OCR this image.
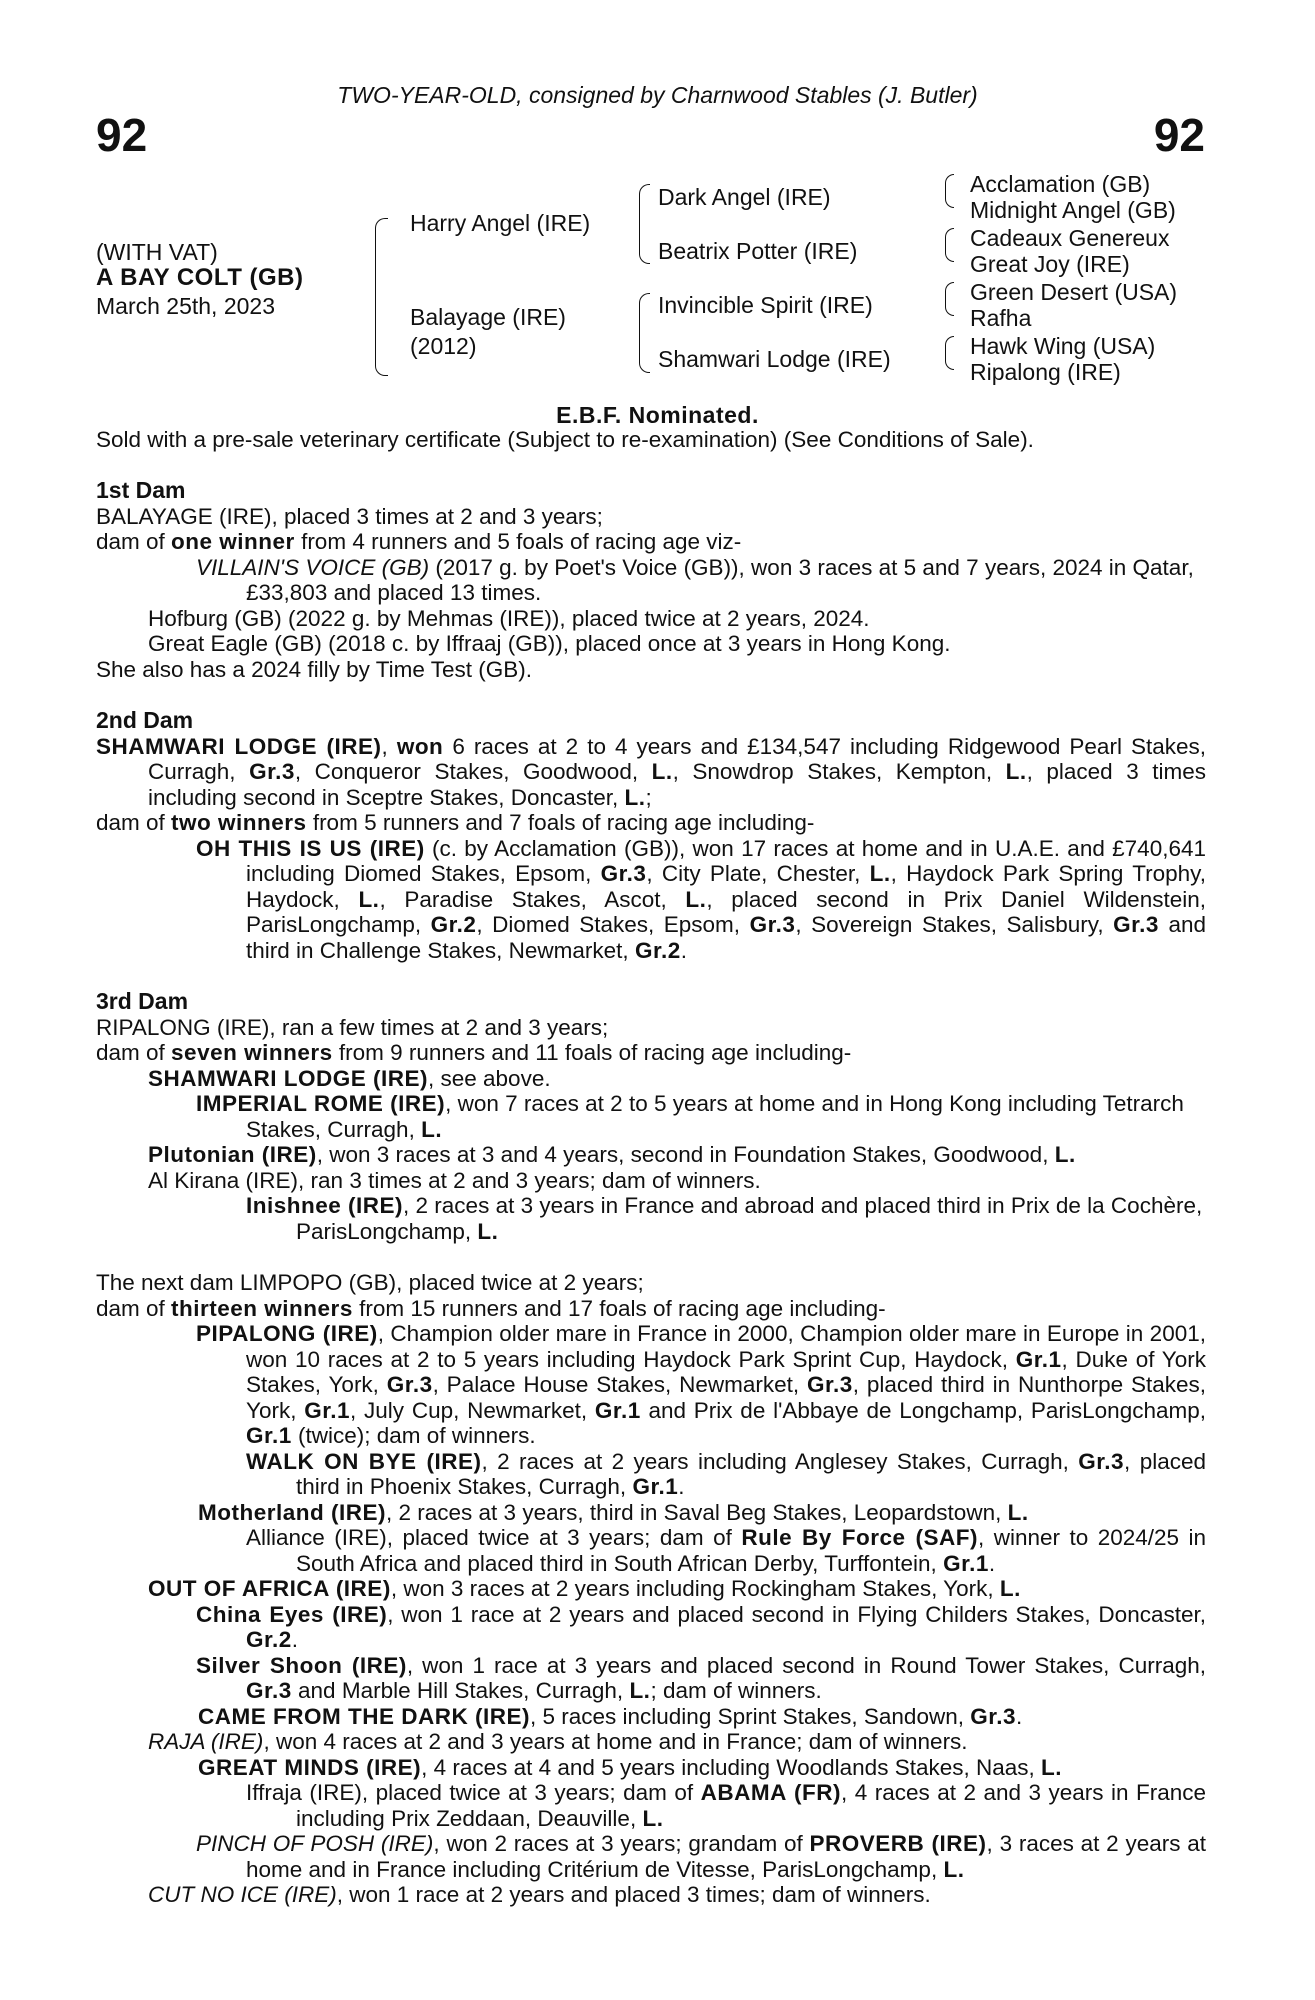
TWO-YEAR-OLD, consigned by Charnwood Stables (J. Butler)
92	92
(WITH VAT)
A BAY COLT (GB)
March 25th, 2023
Harry Angel (IRE)
Balayage (IRE)
(2012)
Dark Angel (IRE)
Beatrix Potter (IRE)
Invincible Spirit (IRE)
Shamwari Lodge (IRE)
Acclamation (GB)
Midnight Angel (GB)
Cadeaux Genereux
Great Joy (IRE)
Green Desert (USA)
Rafha
Hawk Wing (USA)
Ripalong (IRE)
E.B.F. Nominated.
Sold with a pre-sale veterinary certificate (Subject to re-examination) (See Conditions of Sale).

1st Dam

BALAYAGE (IRE), placed 3 times at 2 and 3 years;

dam of one winner from 4 runners and 5 foals of racing age viz-

VILLAIN'S VOICE (GB) (2017 g. by Poet's Voice (GB)), won 3 races at 5 and 7 years, 2024 in Qatar, £33,803 and placed 13 times.

Hofburg (GB) (2022 g. by Mehmas (IRE)), placed twice at 2 years, 2024.

Great Eagle (GB) (2018 c. by Iffraaj (GB)), placed once at 3 years in Hong Kong.

She also has a 2024 filly by Time Test (GB).

2nd Dam

SHAMWARI LODGE (IRE), won 6 races at 2 to 4 years and £134,547 including Ridgewood Pearl Stakes, Curragh, Gr.3, Conqueror Stakes, Goodwood, L., Snowdrop Stakes, Kempton, L., placed 3 times including second in Sceptre Stakes, Doncaster, L.;

dam of two winners from 5 runners and 7 foals of racing age including-

OH THIS IS US (IRE) (c. by Acclamation (GB)), won 17 races at home and in U.A.E. and £740,641 including Diomed Stakes, Epsom, Gr.3, City Plate, Chester, L., Haydock Park Spring Trophy, Haydock, L., Paradise Stakes, Ascot, L., placed second in Prix Daniel Wildenstein, ParisLongchamp, Gr.2, Diomed Stakes, Epsom, Gr.3, Sovereign Stakes, Salisbury, Gr.3 and third in Challenge Stakes, Newmarket, Gr.2.

3rd Dam

RIPALONG (IRE), ran a few times at 2 and 3 years;

dam of seven winners from 9 runners and 11 foals of racing age including-

SHAMWARI LODGE (IRE), see above.

IMPERIAL ROME (IRE), won 7 races at 2 to 5 years at home and in Hong Kong including Tetrarch Stakes, Curragh, L.

Plutonian (IRE), won 3 races at 3 and 4 years, second in Foundation Stakes, Goodwood, L.

Al Kirana (IRE), ran 3 times at 2 and 3 years; dam of winners.

Inishnee (IRE), 2 races at 3 years in France and abroad and placed third in Prix de la Cochère, ParisLongchamp, L.

The next dam LIMPOPO (GB), placed twice at 2 years;

dam of thirteen winners from 15 runners and 17 foals of racing age including-

PIPALONG (IRE), Champion older mare in France in 2000, Champion older mare in Europe in 2001, won 10 races at 2 to 5 years including Haydock Park Sprint Cup, Haydock, Gr.1, Duke of York Stakes, York, Gr.3, Palace House Stakes, Newmarket, Gr.3, placed third in Nunthorpe Stakes, York, Gr.1, July Cup, Newmarket, Gr.1 and Prix de l'Abbaye de Longchamp, ParisLongchamp, Gr.1 (twice); dam of winners.

WALK ON BYE (IRE), 2 races at 2 years including Anglesey Stakes, Curragh, Gr.3, placed third in Phoenix Stakes, Curragh, Gr.1.

Motherland (IRE), 2 races at 3 years, third in Saval Beg Stakes, Leopardstown, L.

Alliance (IRE), placed twice at 3 years; dam of Rule By Force (SAF), winner to 2024/25 in South Africa and placed third in South African Derby, Turffontein, Gr.1.

OUT OF AFRICA (IRE), won 3 races at 2 years including Rockingham Stakes, York, L.

China Eyes (IRE), won 1 race at 2 years and placed second in Flying Childers Stakes, Doncaster, Gr.2.

Silver Shoon (IRE), won 1 race at 3 years and placed second in Round Tower Stakes, Curragh, Gr.3 and Marble Hill Stakes, Curragh, L.; dam of winners.

CAME FROM THE DARK (IRE), 5 races including Sprint Stakes, Sandown, Gr.3.

RAJA (IRE), won 4 races at 2 and 3 years at home and in France; dam of winners.

GREAT MINDS (IRE), 4 races at 4 and 5 years including Woodlands Stakes, Naas, L.

Iffraja (IRE), placed twice at 3 years; dam of ABAMA (FR), 4 races at 2 and 3 years in France including Prix Zeddaan, Deauville, L.

PINCH OF POSH (IRE), won 2 races at 3 years; grandam of PROVERB (IRE), 3 races at 2 years at home and in France including Critérium de Vitesse, ParisLongchamp, L.

CUT NO ICE (IRE), won 1 race at 2 years and placed 3 times; dam of winners.
